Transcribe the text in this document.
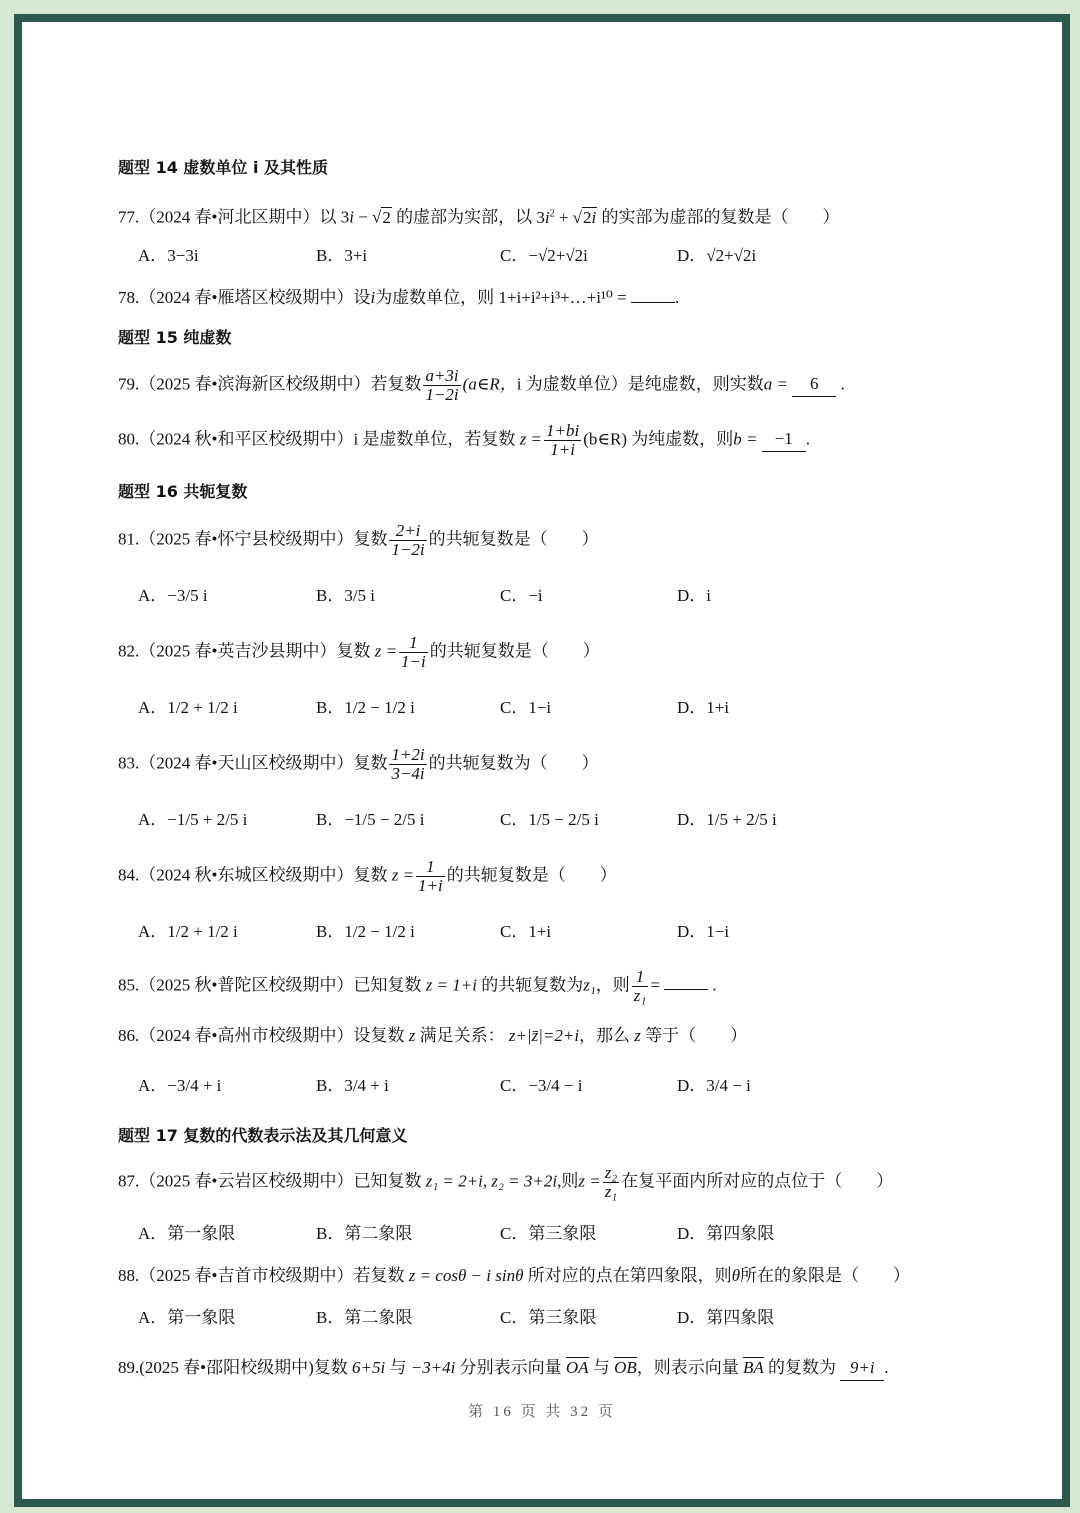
题型 14 虚数单位 i 及其性质
77.（2024 春•河北区期中）以 3i − √2 的虚部为实部，以 $3i^2 + √2i$ 的实部为虚部的复数是（　　）
A．3−3i	B．3+i	C．−√2+√2i	D．√2+√2i
78.（2024 春•雁塔区校级期中）设i为虚数单位，则 1+i+i²+i³+…+i¹⁰ =	.
题型 15 纯虚数
79.（2025 春•滨海新区校级期中）若复数 $\frac{a+3i}{1-2i}$ (a∈R，i 为虚数单位）是纯虚数，则实数a = 6 .
80.（2024 秋•和平区校级期中）i 是虚数单位，若复数 $z = \frac{1+bi}{1+i}$ (b∈R) 为纯虚数，则b = −1 .
题型 16 共轭复数
81.（2025 春•怀宁县校级期中）复数 $\frac{2+i}{1-2i}$ 的共轭复数是（　　）
A．−3/5 i	B．3/5 i	C．−i	D．i
82.（2025 春•英吉沙县期中）复数 $z = \frac{1}{1-i}$ 的共轭复数是（　　）
A．1/2 + 1/2 i	B．1/2 − 1/2 i	C．1−i	D．1+i
83.（2024 春•天山区校级期中）复数 $\frac{1+2i}{3-4i}$ 的共轭复数为（　　）
A．−1/5 + 2/5 i	B．−1/5 − 2/5 i	C．1/5 − 2/5 i	D．1/5 + 2/5 i
84.（2024 秋•东城区校级期中）复数 $z = \frac{1}{1+i}$ 的共轭复数是（　　）
A．1/2 + 1/2 i	B．1/2 − 1/2 i	C．1+i	D．1−i
85.（2025 秋•普陀区校级期中）已知复数 z = 1+i 的共轭复数为z₁，则 $\frac{1}{\text{z₁}}$ =	.
86.（2024 春•高州市校级期中）设复数 z 满足关系： z+|z̄|=2+i，那么 z 等于（　　）
A．−3/4 + i	B．3/4 + i	C．−3/4 − i	D．3/4 − i
题型 17 复数的代数表示法及其几何意义
87.（2025 春•云岩区校级期中）已知复数 z₁ = 2+i, z₂ = 3+2i,则$z = \frac{\text{z₂}}{\text{z₁}}$ 在复平面内所对应的点位于（　　）
A．第一象限	B．第二象限	C．第三象限	D．第四象限
88.（2025 春•吉首市校级期中）若复数 z = cosθ − i sinθ 所对应的点在第四象限，则θ所在的象限是（　　）
A．第一象限	B．第二象限	C．第三象限	D．第四象限
89.(2025 春•邵阳校级期中)复数 6+5i 与 −3+4i 分别表示向量 OA 与 OB，则表示向量 BA 的复数为 9+i .
第 16 页 共 32 页
